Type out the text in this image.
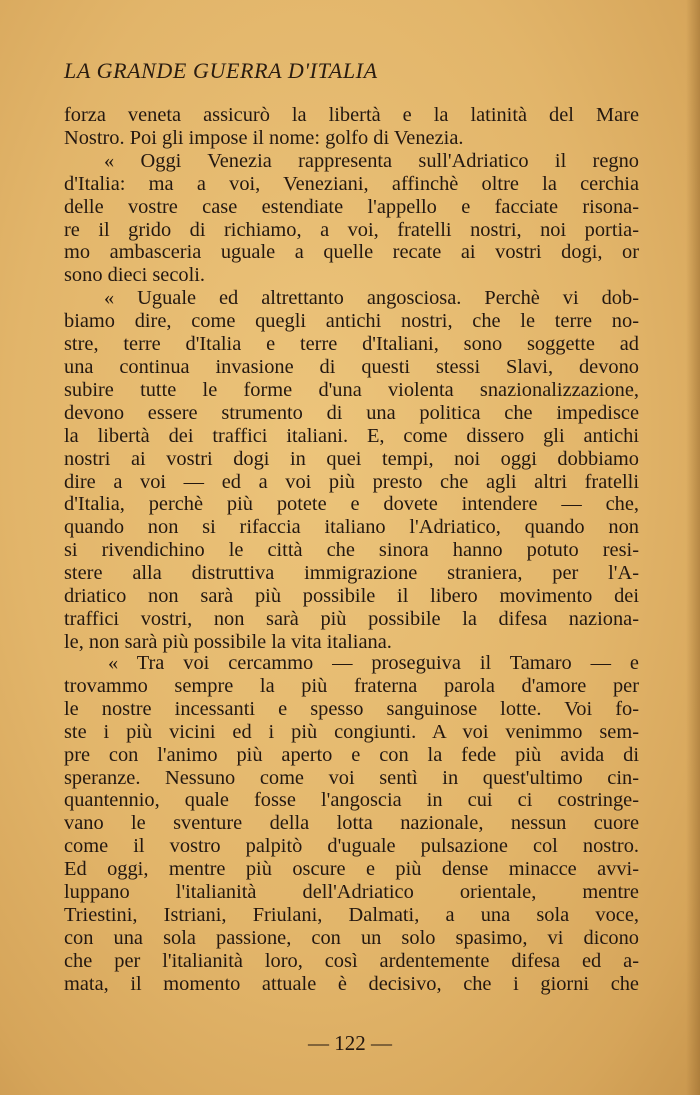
LA GRANDE GUERRA D'ITALIA
forza veneta assicurò la libertà e la latinità del Mare
Nostro. Poi gli impose il nome: golfo di Venezia.
« Oggi Venezia rappresenta sull'Adriatico il regno
d'Italia: ma a voi, Veneziani, affinchè oltre la cerchia
delle vostre case estendiate l'appello e facciate risona-
re il grido di richiamo, a voi, fratelli nostri, noi portia-
mo ambasceria uguale a quelle recate ai vostri dogi, or
sono dieci secoli.
« Uguale ed altrettanto angosciosa. Perchè vi dob-
biamo dire, come quegli antichi nostri, che le terre no-
stre, terre d'Italia e terre d'Italiani, sono soggette ad
una continua invasione di questi stessi Slavi, devono
subire tutte le forme d'una violenta snazionalizzazione,
devono essere strumento di una politica che impedisce
la libertà dei traffici italiani. E, come dissero gli antichi
nostri ai vostri dogi in quei tempi, noi oggi dobbiamo
dire a voi — ed a voi più presto che agli altri fratelli
d'Italia, perchè più potete e dovete intendere — che,
quando non si rifaccia italiano l'Adriatico, quando non
si rivendichino le città che sinora hanno potuto resi-
stere alla distruttiva immigrazione straniera, per l'A-
driatico non sarà più possibile il libero movimento dei
traffici vostri, non sarà più possibile la difesa naziona-
le, non sarà più possibile la vita italiana.
« Tra voi cercammo — proseguiva il Tamaro — e
trovammo sempre la più fraterna parola d'amore per
le nostre incessanti e spesso sanguinose lotte. Voi fo-
ste i più vicini ed i più congiunti. A voi venimmo sem-
pre con l'animo più aperto e con la fede più avida di
speranze. Nessuno come voi sentì in quest'ultimo cin-
quantennio, quale fosse l'angoscia in cui ci costringe-
vano le sventure della lotta nazionale, nessun cuore
come il vostro palpitò d'uguale pulsazione col nostro.
Ed oggi, mentre più oscure e più dense minacce avvi-
luppano l'italianità dell'Adriatico orientale, mentre
Triestini, Istriani, Friulani, Dalmati, a una sola voce,
con una sola passione, con un solo spasimo, vi dicono
che per l'italianità loro, così ardentemente difesa ed a-
mata, il momento attuale è decisivo, che i giorni che
— 122 —
